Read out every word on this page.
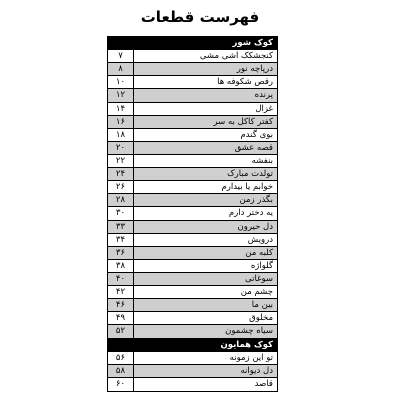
فهرست قطعات
کوک شور
کنجشکک اشی مشی
۷
درپاچه نور
۸
رقص شکوفه ها
۱۰
پرنده
۱۲
غزال
۱۴
کفتر کاکل به سر
۱۶
بوی گندم
۱۸
قصه عشق
۲۰
بنفشه
۲۲
تولدت مبارک
۲۴
خوابم یا بیدارم
۲۶
بگذر زمن
۲۸
یه دختر دارم
۳۰
دل حیرون
۳۳
درویش
۳۴
کلبه من
۳۶
گلواژه
۳۸
سوغاتی
۴۰
چشم من
۴۲
بین ما
۴۶
مخلوق
۴۹
سیاه چشمون
۵۲
کوک همایون
تو این زمونه
۵۶
دل دیوانه
۵۸
قاصد
۶۰
